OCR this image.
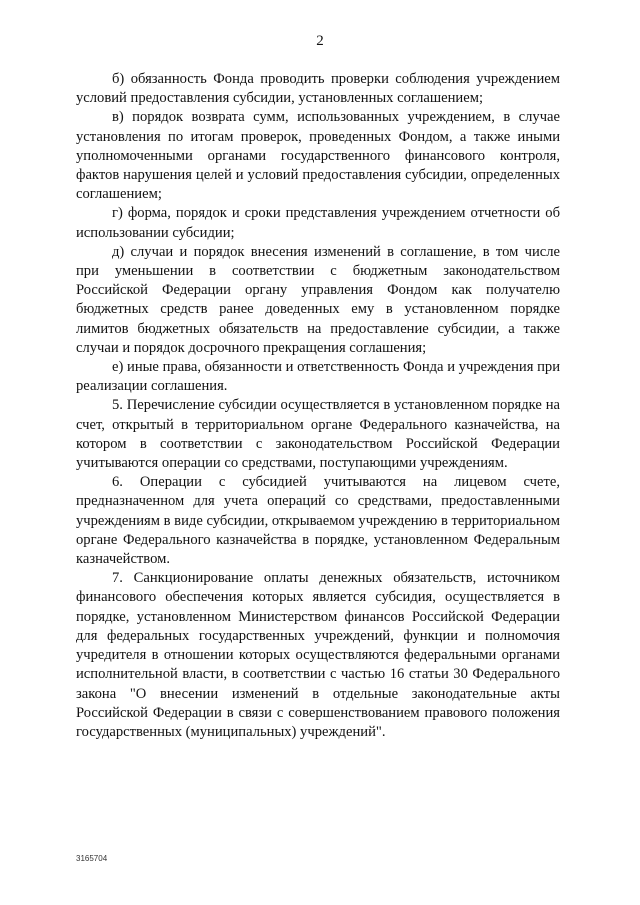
2

б) обязанность Фонда проводить проверки соблюдения учреждением условий предоставления субсидии, установленных соглашением;

в) порядок возврата сумм, использованных учреждением, в случае установления по итогам проверок, проведенных Фондом, а также иными уполномоченными органами государственного финансового контроля, фактов нарушения целей и условий предоставления субсидии, определенных соглашением;

г) форма, порядок и сроки представления учреждением отчетности об использовании субсидии;

д) случаи и порядок внесения изменений в соглашение, в том числе при уменьшении в соответствии с бюджетным законодательством Российской Федерации органу управления Фондом как получателю бюджетных средств ранее доведенных ему в установленном порядке лимитов бюджетных обязательств на предоставление субсидии, а также случаи и порядок досрочного прекращения соглашения;

е) иные права, обязанности и ответственность Фонда и учреждения при реализации соглашения.

5. Перечисление субсидии осуществляется в установленном порядке на счет, открытый в территориальном органе Федерального казначейства, на котором в соответствии с законодательством Российской Федерации учитываются операции со средствами, поступающими учреждениям.

6. Операции с субсидией учитываются на лицевом счете, предназначенном для учета операций со средствами, предоставленными учреждениям в виде субсидии, открываемом учреждению в территориальном органе Федерального казначейства в порядке, установленном Федеральным казначейством.

7. Санкционирование оплаты денежных обязательств, источником финансового обеспечения которых является субсидия, осуществляется в порядке, установленном Министерством финансов Российской Федерации для федеральных государственных учреждений, функции и полномочия учредителя в отношении которых осуществляются федеральными органами исполнительной власти, в соответствии с частью 16 статьи 30 Федерального закона "О внесении изменений в отдельные законодательные акты Российской Федерации в связи с совершенствованием правового положения государственных (муниципальных) учреждений".

3165704
